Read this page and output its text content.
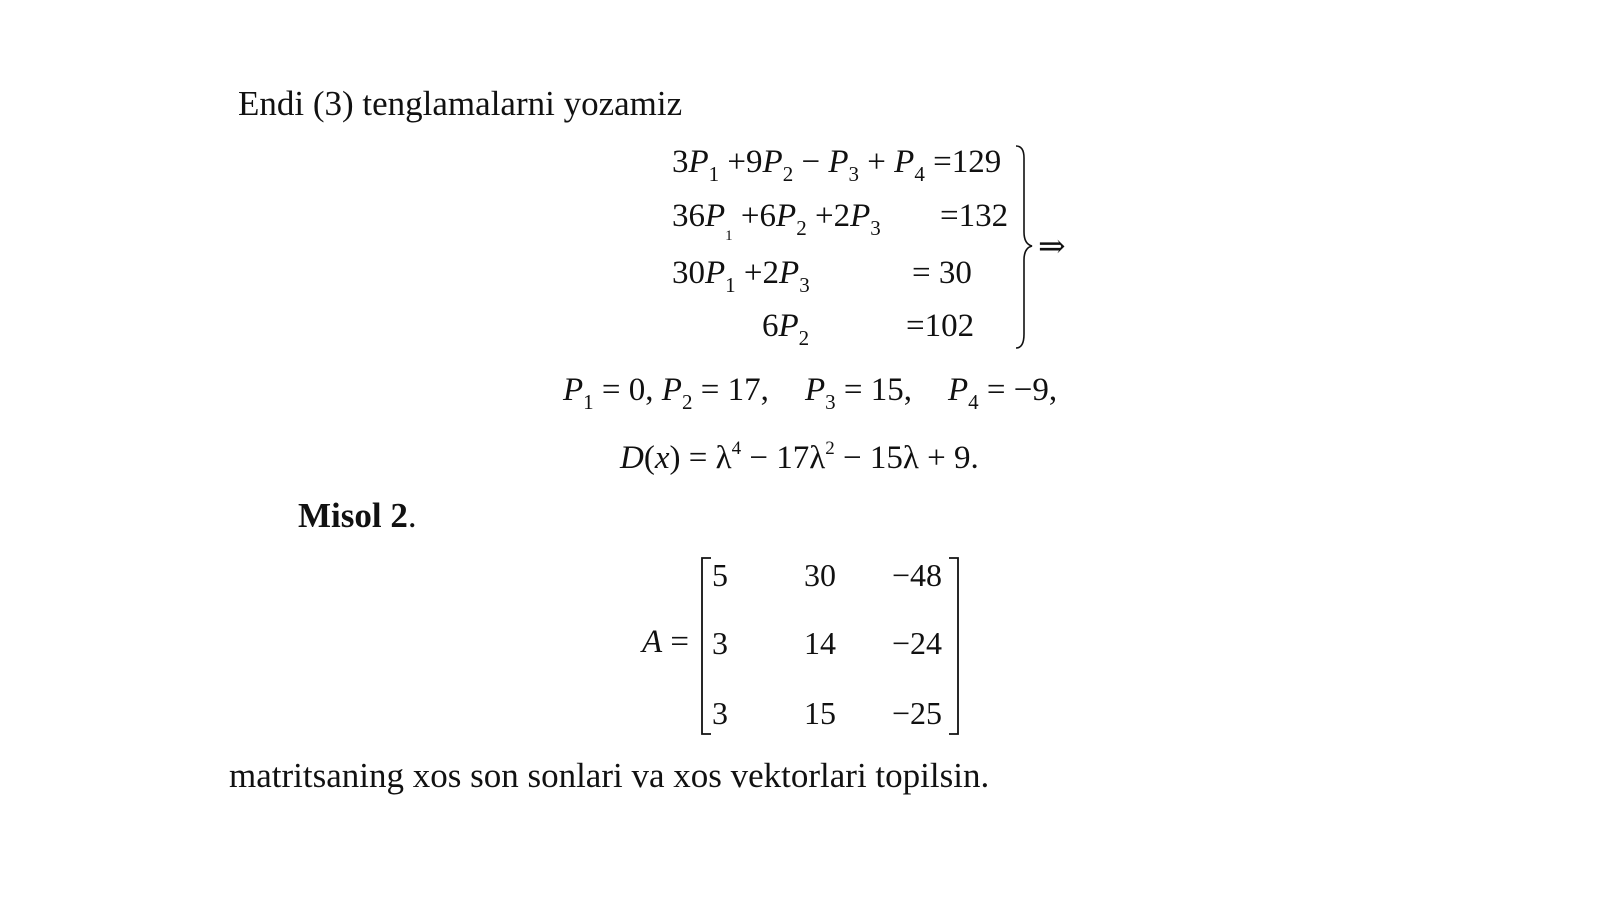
Endi (3) tenglamalarni yozamiz
$3P_1 +9P_2 - P_3 + P_4 =129$
$36P_1 +6P_2 +2P_3 =132$
$30P_1 +2P_3$	= 30
$6P_2$	=102
⇒
$P_1 = 0$, $P_2 = 17$, $P_3 = 15$, $P_4 = -9$,
$D(x) = \lambda^4 - 17\lambda^2 - 15\lambda + 9$.
Misol 2.
A =
5 30 −48
3 14 −24
3 15 −25
matritsaning xos son sonlari va xos vektorlari topilsin.
